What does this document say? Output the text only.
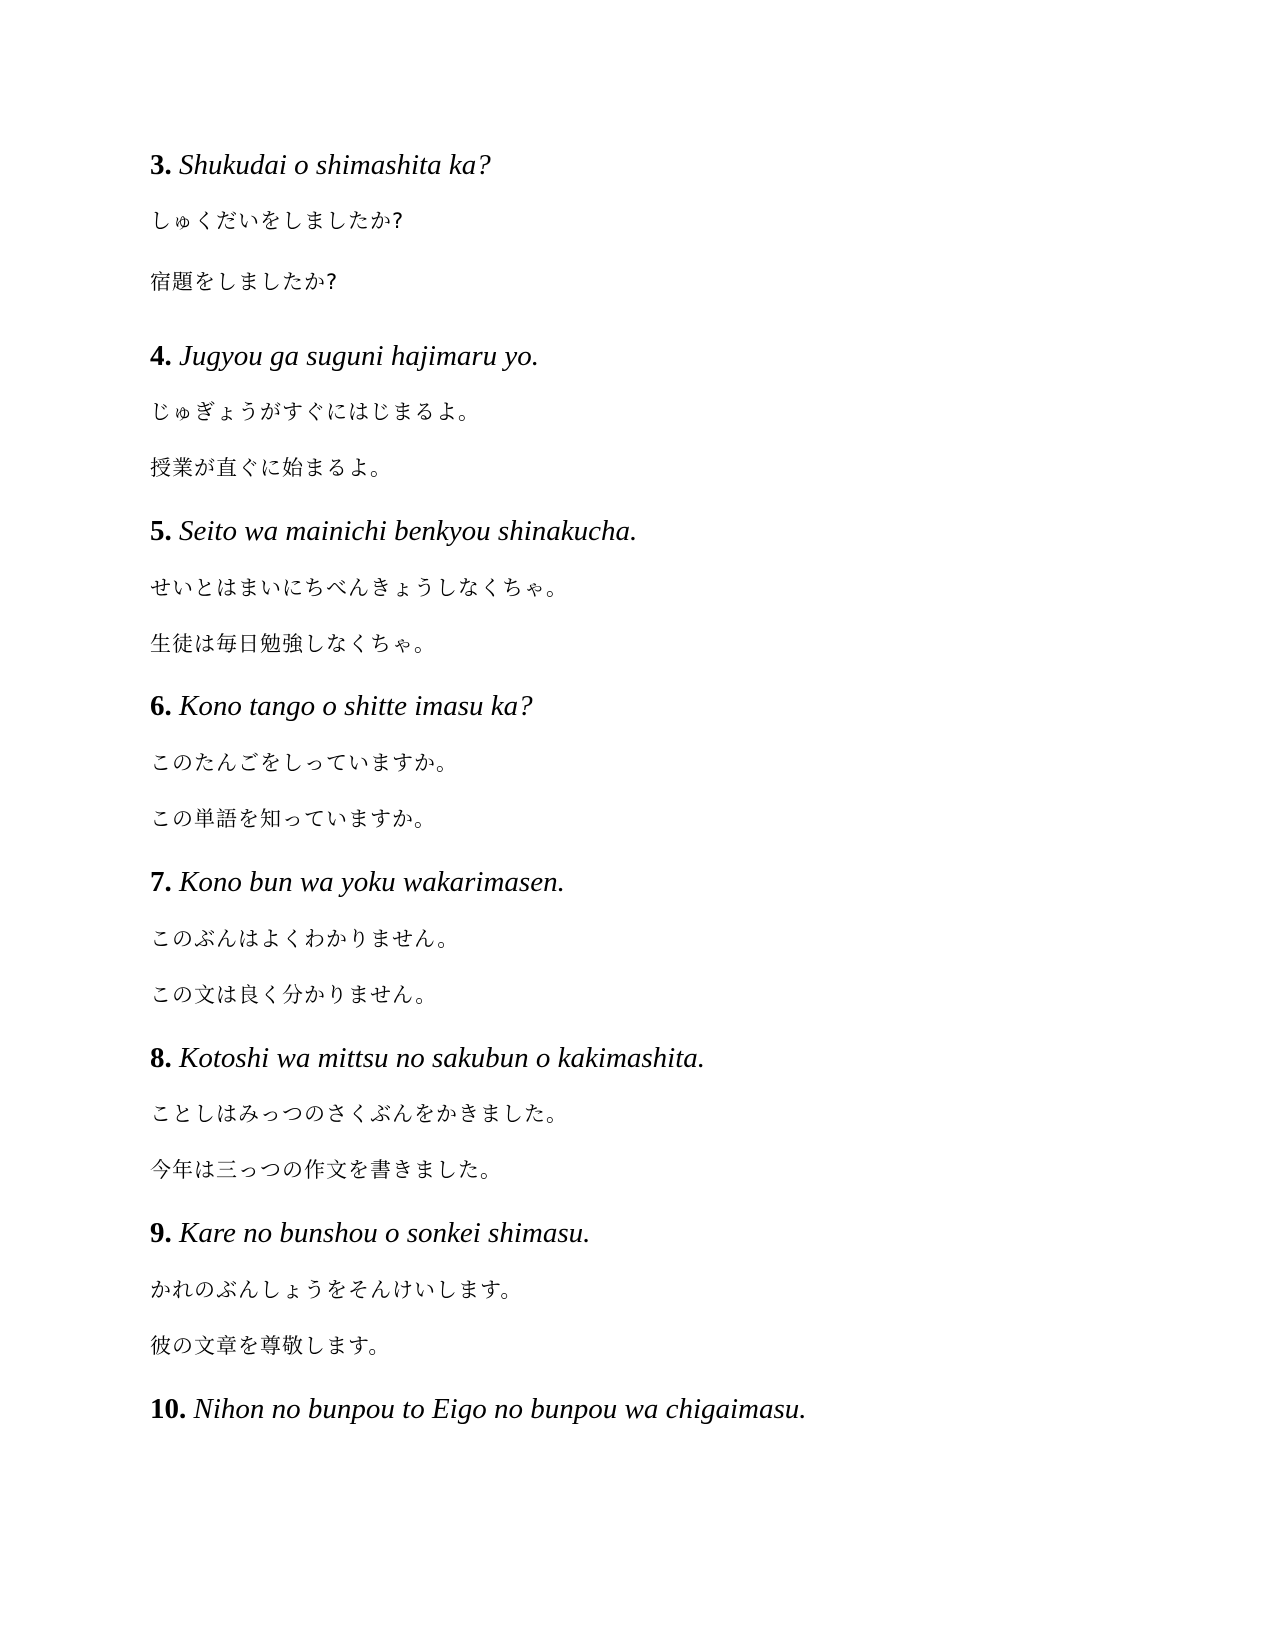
3. Shukudai o shimashita ka?
しゅくだいをしましたか?
宿題をしましたか?
4. Jugyou ga suguni hajimaru yo.
じゅぎょうがすぐにはじまるよ。
授業が直ぐに始まるよ。
5. Seito wa mainichi benkyou shinakucha.
せいとはまいにちべんきょうしなくちゃ。
生徒は毎日勉強しなくちゃ。
6. Kono tango o shitte imasu ka?
このたんごをしっていますか。
この単語を知っていますか。
7. Kono bun wa yoku wakarimasen.
このぶんはよくわかりません。
この文は良く分かりません。
8. Kotoshi wa mittsu no sakubun o kakimashita.
ことしはみっつのさくぶんをかきました。
今年は三っつの作文を書きました。
9. Kare no bunshou o sonkei shimasu.
かれのぶんしょうをそんけいします。
彼の文章を尊敬します。
10. Nihon no bunpou to Eigo no bunpou wa chigaimasu.
